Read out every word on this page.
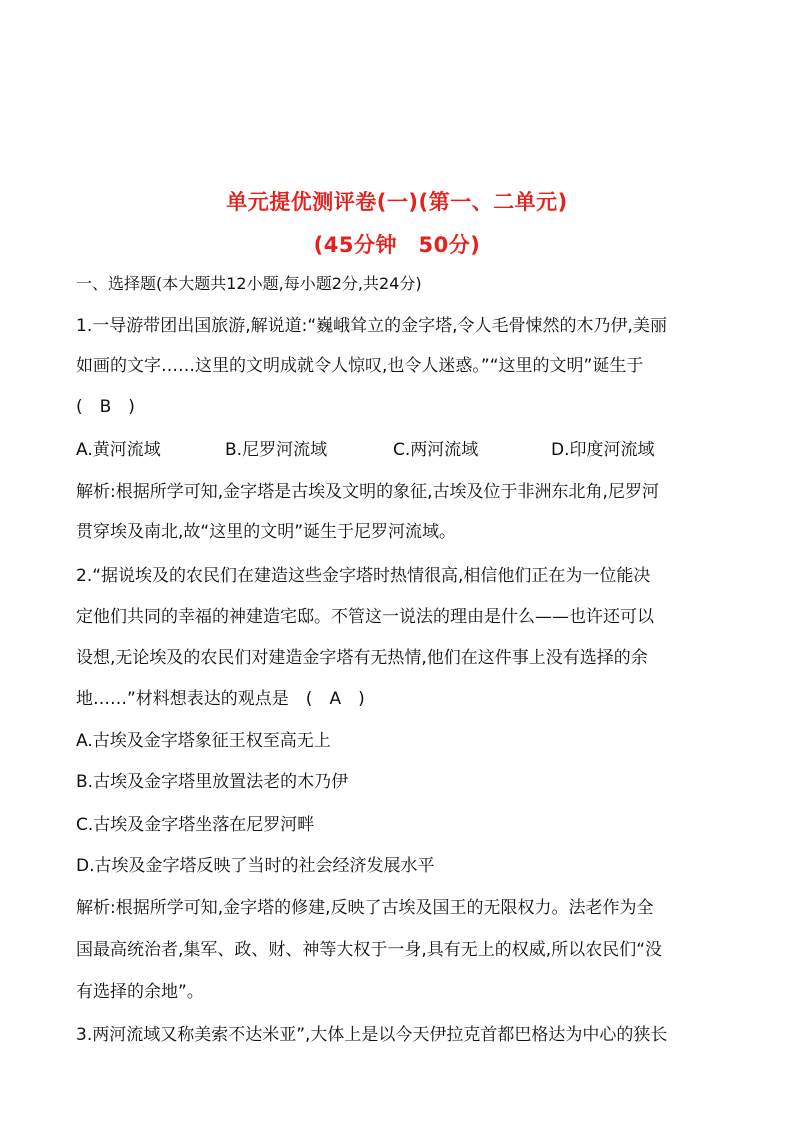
单元提优测评卷(一)(第一、二单元)
(45分钟　50分)
一、选择题(本大题共12小题,每小题2分,共24分)
1.一导游带团出国旅游,解说道:“巍峨耸立的金字塔,令人毛骨悚然的木乃伊,美丽
如画的文字……这里的文明成就令人惊叹,也令人迷惑。”“这里的文明”诞生于
(　B　)
A.黄河流域	B.尼罗河流域	C.两河流域	D.印度河流域
解析:根据所学可知,金字塔是古埃及文明的象征,古埃及位于非洲东北角,尼罗河
贯穿埃及南北,故“这里的文明”诞生于尼罗河流域。
2.“据说埃及的农民们在建造这些金字塔时热情很高,相信他们正在为一位能决
定他们共同的幸福的神建造宅邸。不管这一说法的理由是什么——也许还可以
设想,无论埃及的农民们对建造金字塔有无热情,他们在这件事上没有选择的余
地……”材料想表达的观点是　(　A　)
A.古埃及金字塔象征王权至高无上
B.古埃及金字塔里放置法老的木乃伊
C.古埃及金字塔坐落在尼罗河畔
D.古埃及金字塔反映了当时的社会经济发展水平
解析:根据所学可知,金字塔的修建,反映了古埃及国王的无限权力。法老作为全
国最高统治者,集军、政、财、神等大权于一身,具有无上的权威,所以农民们“没
有选择的余地”。
3.两河流域又称美索不达米亚”,大体上是以今天伊拉克首都巴格达为中心的狭长
